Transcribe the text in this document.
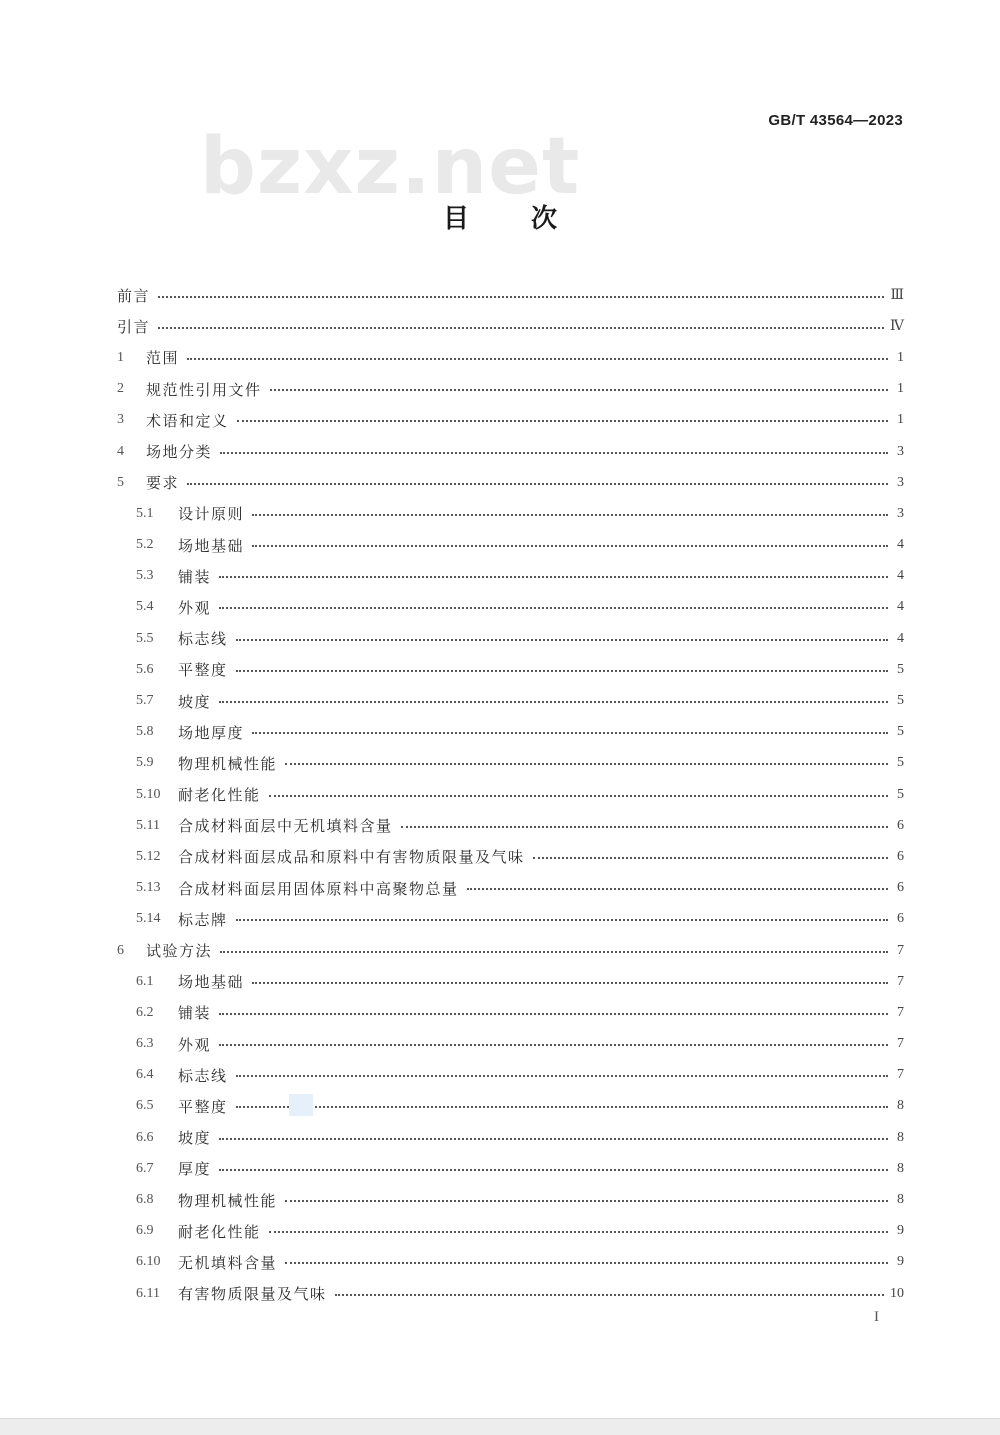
GB/T 43564—2023
bzxz.net
目次
前言	Ⅲ
引言	Ⅳ
1	范围	1
2	规范性引用文件	1
3	术语和定义	1
4	场地分类	3
5	要求	3
5.1	设计原则	3
5.2	场地基础	4
5.3	铺装	4
5.4	外观	4
5.5	标志线	4
5.6	平整度	5
5.7	坡度	5
5.8	场地厚度	5
5.9	物理机械性能	5
5.10	耐老化性能	5
5.11	合成材料面层中无机填料含量	6
5.12	合成材料面层成品和原料中有害物质限量及气味	6
5.13	合成材料面层用固体原料中高聚物总量	6
5.14	标志牌	6
6	试验方法	7
6.1	场地基础	7
6.2	铺装	7
6.3	外观	7
6.4	标志线	7
6.5	平整度	8
6.6	坡度	8
6.7	厚度	8
6.8	物理机械性能	8
6.9	耐老化性能	9
6.10	无机填料含量	9
6.11	有害物质限量及气味	10
I
